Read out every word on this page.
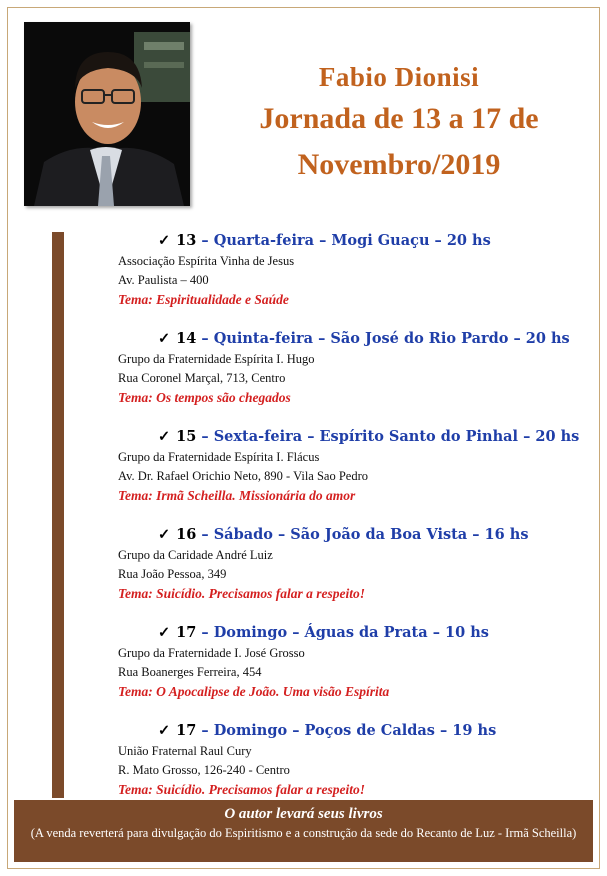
Fabio Dionisi
Jornada de 13 a 17 de
Novembro/2019
✓ 13 – Quarta-feira – Mogi Guaçu – 20 hs
Associação Espírita Vinha de Jesus
Av. Paulista – 400
Tema: Espiritualidade e Saúde
✓ 14 – Quinta-feira – São José do Rio Pardo – 20 hs
Grupo da Fraternidade Espírita I. Hugo
Rua Coronel Marçal, 713, Centro
Tema: Os tempos são chegados
✓ 15 – Sexta-feira – Espírito Santo do Pinhal – 20 hs
Grupo da Fraternidade Espírita I. Flácus
Av. Dr. Rafael Orichio Neto, 890 - Vila Sao Pedro
Tema: Irmã Scheilla. Missionária do amor
✓ 16 – Sábado – São João da Boa Vista – 16 hs
Grupo da Caridade André Luiz
Rua João Pessoa, 349
Tema: Suicídio. Precisamos falar a respeito!
✓ 17 – Domingo – Águas da Prata – 10 hs
Grupo da Fraternidade I. José Grosso
Rua Boanerges Ferreira, 454
Tema: O Apocalipse de João. Uma visão Espírita
✓ 17 – Domingo – Poços de Caldas – 19 hs
União Fraternal Raul Cury
R. Mato Grosso, 126-240 - Centro
Tema: Suicídio. Precisamos falar a respeito!
O autor levará seus livros
(A venda reverterá para divulgação do Espiritismo e a construção da sede do Recanto de Luz - Irmã Scheilla)
